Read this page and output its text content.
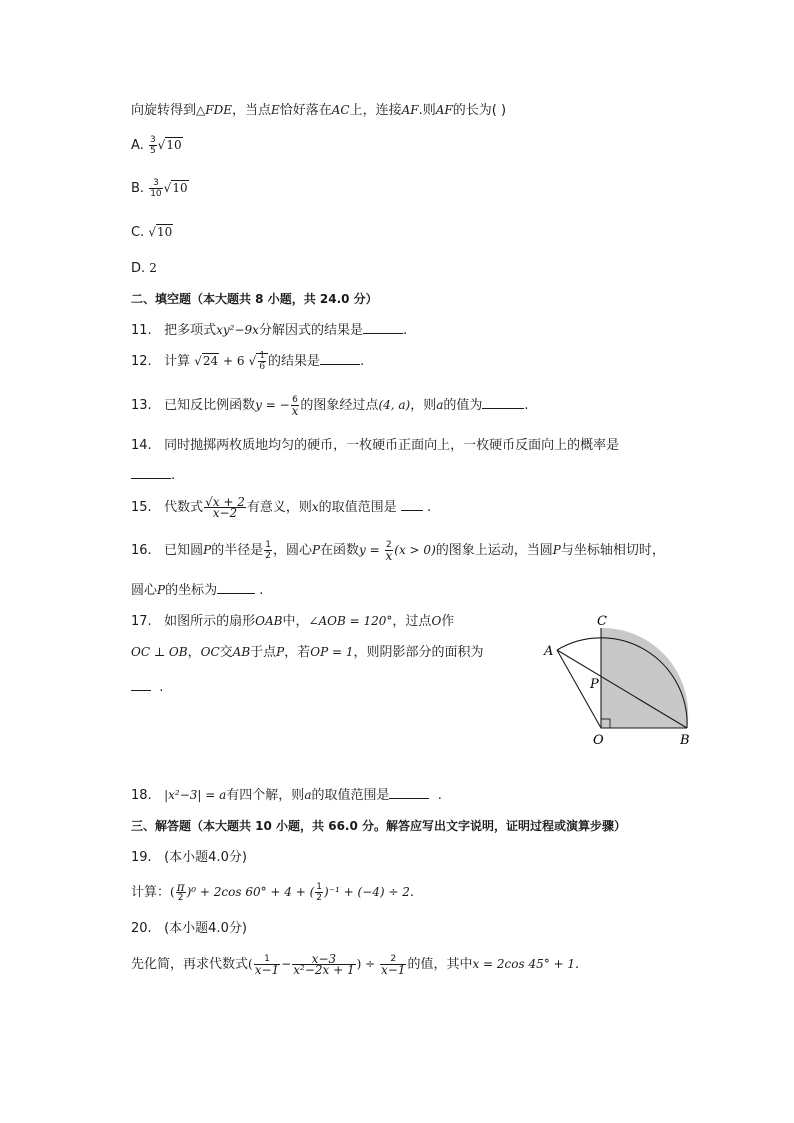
向旋转得到△FDE，当点E恰好落在AC上，连接AF.则AF的长为( )
A. $\frac{3}{5} √10$
B. $\frac{3}{10} √10$
C. √10
D. 2
二、填空题（本大题共 8 小题，共 24.0 分）
11. 把多项式xy²−9x分解因式的结果是	.
12. 计算 √24 + 6 √ $\frac{1}{6}$ 的结果是	.
13. 已知反比例函数y = − $\frac{6}{x}$ 的图象经过点(4, a)，则a的值为	.
14. 同时抛掷两枚质地均匀的硬币，一枚硬币正面向上，一枚硬币反面向上的概率是
.
15. 代数式 $\frac{√x + 2}{x-2}$ 有意义，则x的取值范围是 .
16. 已知圆P的半径是 $\frac{1}{2}$ ，圆心P在函数$y = \frac{2}{x} (x > 0)$的图象上运动，当圆P与坐标轴相切时，
圆心P的坐标为	.
17. 如图所示的扇形OAB中，∠AOB = 120°，过点O作
OC ⊥ OB，OC交AB于点P，若OP = 1，则阴影部分的面积为
.
C
A
P
O	B
18. |x²−3| = a有四个解，则a的取值范围是	.
三、解答题（本大题共 10 小题，共 66.0 分。解答应写出文字说明，证明过程或演算步骤）
19. (本小题4.0分)
计算：( $\frac{\pi}{2} )^0 + 2\cos$ 60° + 4 + ( $\frac{1}{2} )^{-1} + (-4) \div 2$.
20. (本小题4.0分)
先化简，再求代数式( $\frac{1}{x-1} - \frac{x-3}{\text{x²−2x + 1}}$ ) ÷ $\frac{2}{x-1}$ 的值，其中x = 2cos 45° + 1.
